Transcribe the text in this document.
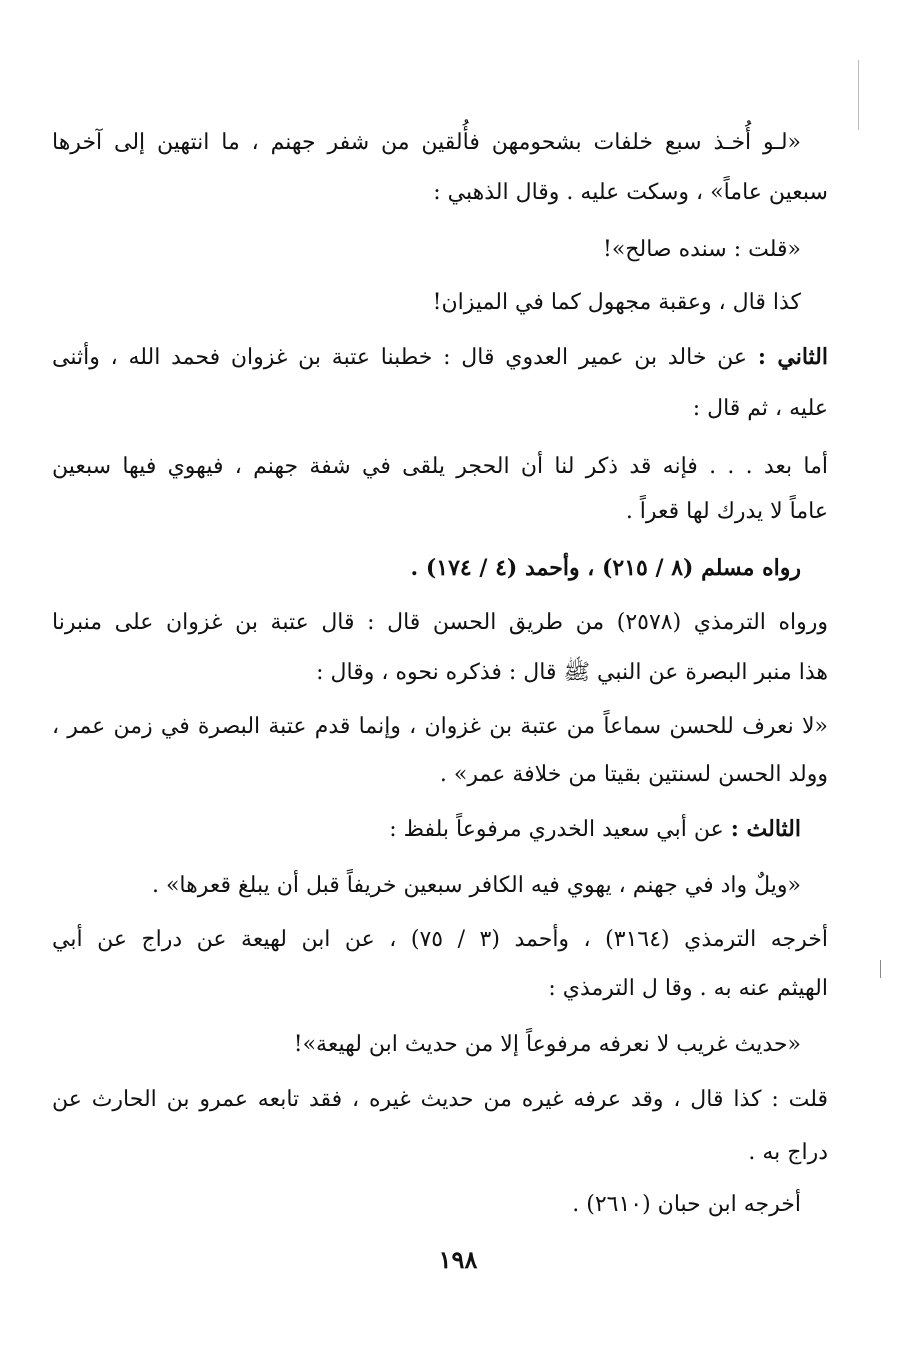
«لـو أُخـذ سبع خلفات بشحومهن فأُلقين من شفر جهنم ، ما انتهين إلى آخرها
سبعين عاماً» ، وسكت عليه . وقال الذهبي :
«قلت : سنده صالح»!
كذا قال ، وعقبة مجهول كما في الميزان!
الثاني : عن خالد بن عمير العدوي قال : خطبنا عتبة بن غزوان فحمد الله ، وأثنى
عليه ، ثم قال :
أما بعد . . . فإنه قد ذكر لنا أن الحجر يلقى في شفة جهنم ، فيهوي فيها سبعين
عاماً لا يدرك لها قعراً .
رواه مسلم (٨ / ٢١٥) ، وأحمد (٤ / ١٧٤) .
ورواه الترمذي (٢٥٧٨) من طريق الحسن قال : قال عتبة بن غزوان على منبرنا
هذا منبر البصرة عن النبي ﷺ قال : فذكره نحوه ، وقال :
«لا نعرف للحسن سماعاً من عتبة بن غزوان ، وإنما قدم عتبة البصرة في زمن عمر ،
وولد الحسن لسنتين بقيتا من خلافة عمر» .
الثالث : عن أبي سعيد الخدري مرفوعاً بلفظ :
«ويلٌ واد في جهنم ، يهوي فيه الكافر سبعين خريفاً قبل أن يبلغ قعرها» .
أخرجه الترمذي (٣١٦٤) ، وأحمد (٣ / ٧٥) ، عن ابن لهيعة عن دراج عن أبي
الهيثم عنه به . وقا ل الترمذي :
«حديث غريب لا نعرفه مرفوعاً إلا من حديث ابن لهيعة»!
قلت : كذا قال ، وقد عرفه غيره من حديث غيره ، فقد تابعه عمرو بن الحارث عن
دراج به .
أخرجه ابن حبان (٢٦١٠) .
١٩٨
